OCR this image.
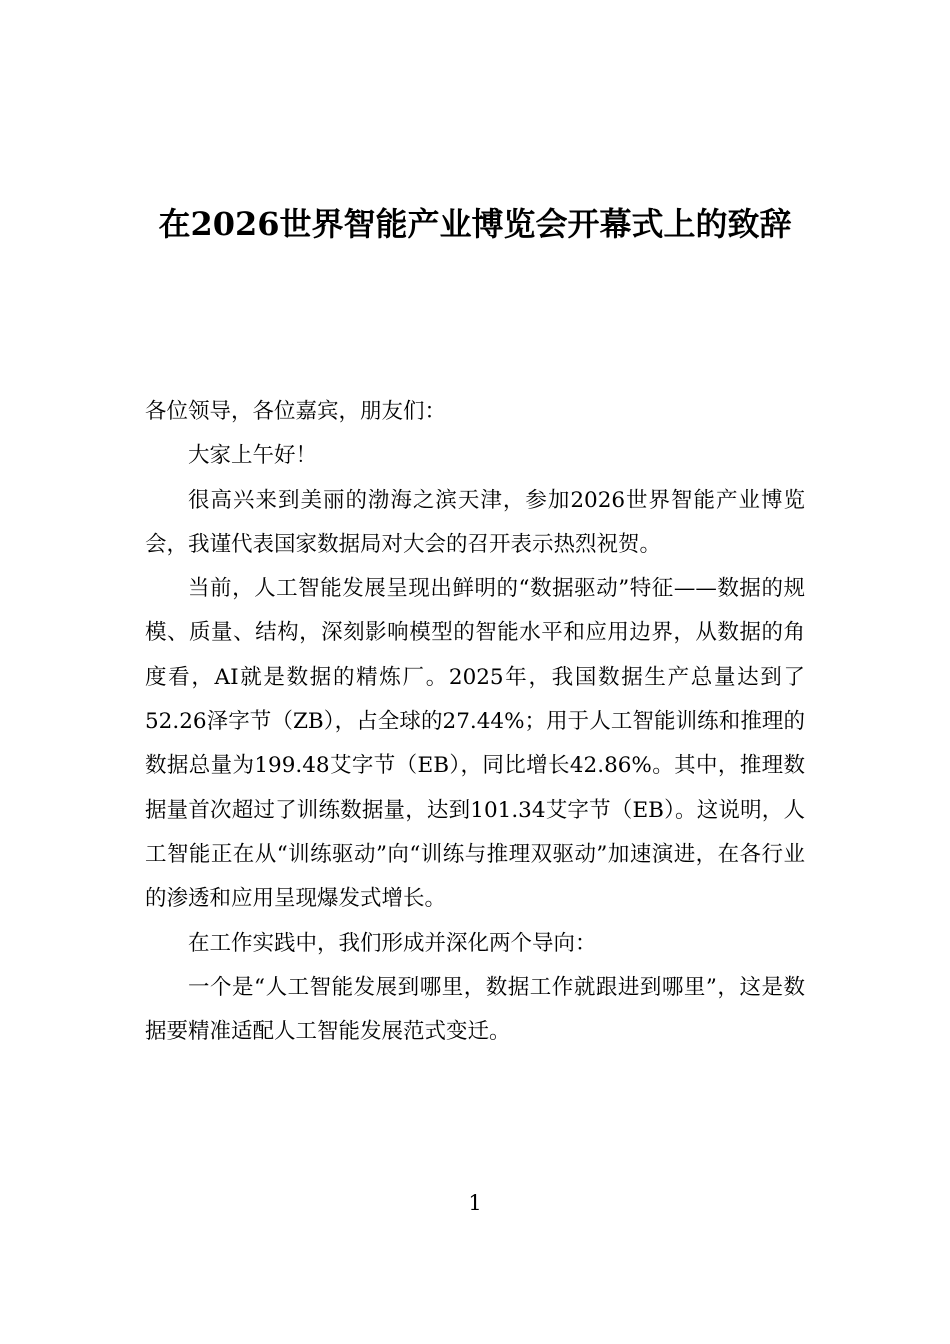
在2026世界智能产业博览会开幕式上的致辞

各位领导，各位嘉宾，朋友们：

大家上午好！

很高兴来到美丽的渤海之滨天津，参加2026世界智能产业博览会，我谨代表国家数据局对大会的召开表示热烈祝贺。

当前，人工智能发展呈现出鲜明的“数据驱动”特征——数据的规模、质量、结构，深刻影响模型的智能水平和应用边界，从数据的角度看，AI就是数据的精炼厂。2025年，我国数据生产总量达到了52.26泽字节（ZB），占全球的27.44%；用于人工智能训练和推理的数据总量为199.48艾字节（EB），同比增长42.86%。其中，推理数据量首次超过了训练数据量，达到101.34艾字节（EB）。这说明，人工智能正在从“训练驱动”向“训练与推理双驱动”加速演进，在各行业的渗透和应用呈现爆发式增长。

在工作实践中，我们形成并深化两个导向：

一个是“人工智能发展到哪里，数据工作就跟进到哪里”，这是数据要精准适配人工智能发展范式变迁。

1
